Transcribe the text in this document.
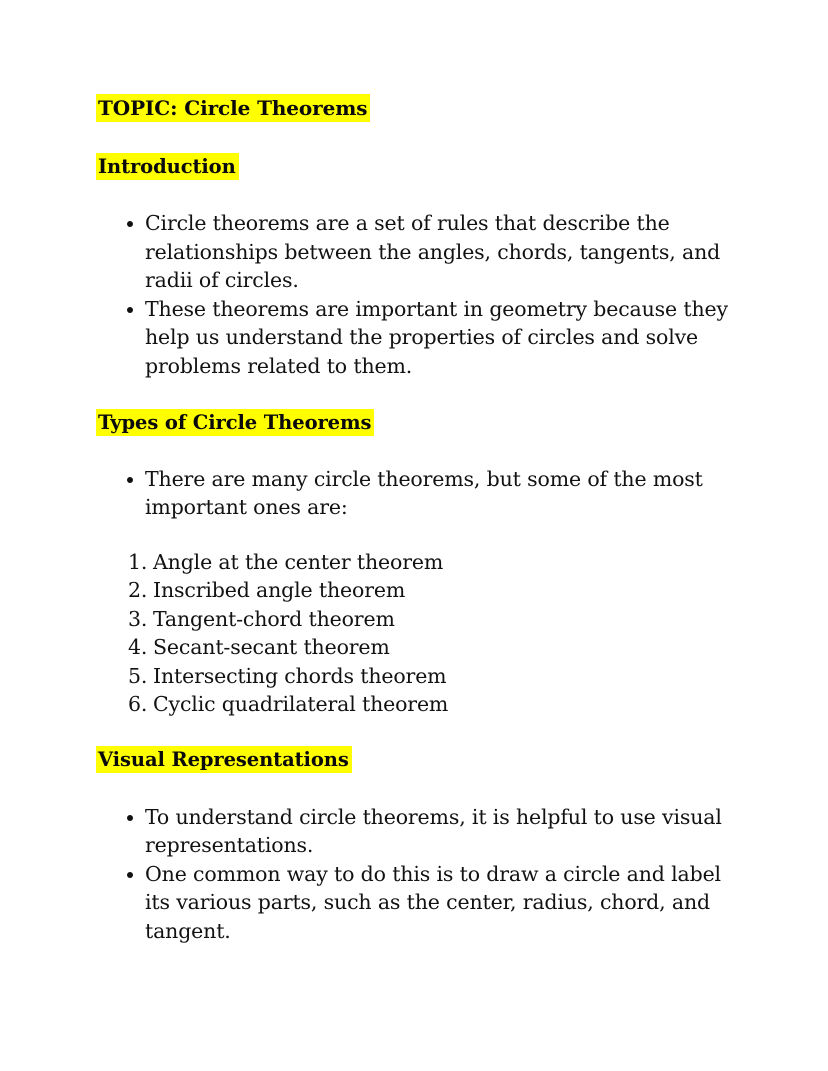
TOPIC: Circle Theorems
Introduction
Circle theorems are a set of rules that describe the relationships between the angles, chords, tangents, and radii of circles.
These theorems are important in geometry because they help us understand the properties of circles and solve problems related to them.
Types of Circle Theorems
There are many circle theorems, but some of the most important ones are:
1. Angle at the center theorem
2. Inscribed angle theorem
3. Tangent-chord theorem
4. Secant-secant theorem
5. Intersecting chords theorem
6. Cyclic quadrilateral theorem
Visual Representations
To understand circle theorems, it is helpful to use visual representations.
One common way to do this is to draw a circle and label its various parts, such as the center, radius, chord, and tangent.
